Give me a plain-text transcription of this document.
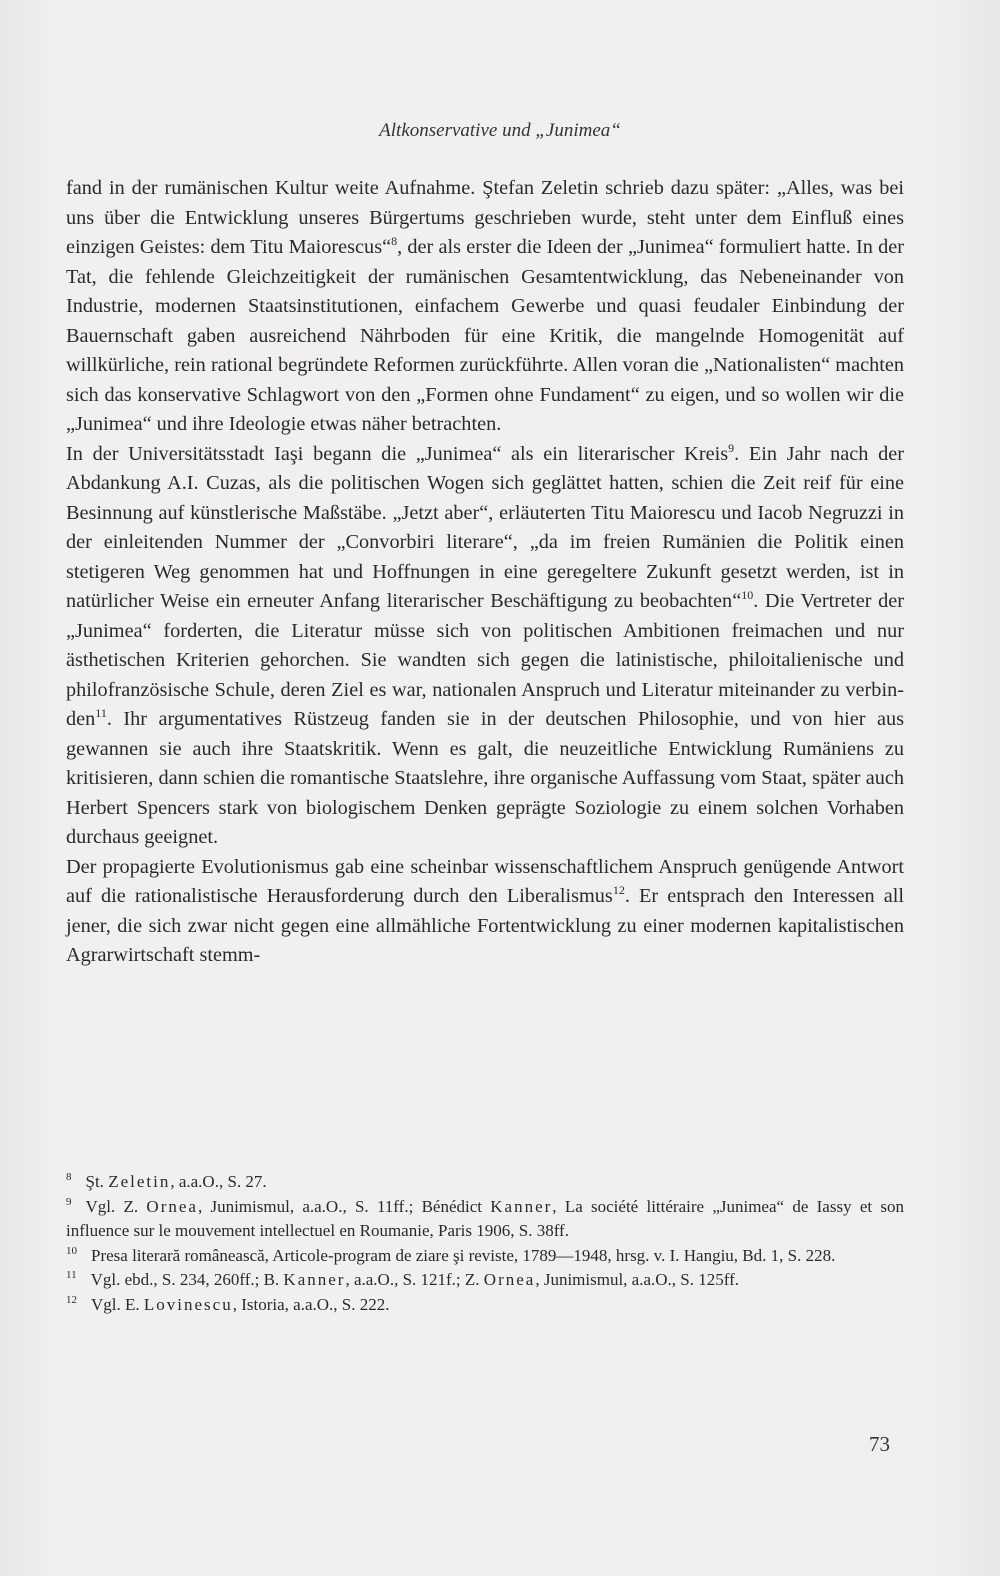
Altkonservative und „Junimea“

fand in der rumänischen Kultur weite Aufnahme. Ştefan Zeletin schrieb dazu später: „Alles, was bei uns über die Entwicklung unseres Bürgertums geschrieben wurde, steht unter dem Einfluß eines einzigen Geistes: dem Titu Maiorescus“$^8$, der als erster die Ideen der „Junimea“ formuliert hatte. In der Tat, die fehlende Gleichzeitigkeit der rumänischen Gesamtentwicklung, das Nebeneinander von Industrie, modernen Staatsinstitutionen, einfachem Gewerbe und quasi feudaler Einbindung der Bauernschaft gaben ausreichend Nährboden für eine Kritik, die mangelnde Homogenität auf willkürliche, rein rational begründete Reformen zurückführte. Allen voran die „Nationalisten“ machten sich das konservative Schlagwort von den „Formen ohne Fundament“ zu eigen, und so wollen wir die „Junimea“ und ihre Ideologie etwas näher betrachten.

In der Universitätsstadt Iaşi begann die „Junimea“ als ein literarischer Kreis$^9$. Ein Jahr nach der Abdankung A.I. Cuzas, als die politischen Wogen sich geglättet hatten, schien die Zeit reif für eine Besinnung auf künstlerische Maßstäbe. „Jetzt aber“, erläuterten Titu Maiorescu und Iacob Negruzzi in der einleitenden Nummer der „Convorbiri literare“, „da im freien Rumänien die Politik einen stetigeren Weg genommen hat und Hoffnungen in eine geregeltere Zukunft gesetzt werden, ist in natürlicher Weise ein erneuter Anfang literarischer Beschäftigung zu beobachten“$^{10}$. Die Vertreter der „Junimea“ forderten, die Literatur müsse sich von politischen Ambitionen freimachen und nur ästhetischen Kriterien gehorchen. Sie wandten sich gegen die latinistische, philoitalienische und philofranzösische Schule, deren Ziel es war, nationalen Anspruch und Literatur miteinander zu verbinden$^{11}$. Ihr argumentatives Rüstzeug fanden sie in der deutschen Philosophie, und von hier aus gewannen sie auch ihre Staatskritik. Wenn es galt, die neuzeitliche Entwicklung Rumäniens zu kritisieren, dann schien die romantische Staatslehre, ihre organische Auffassung vom Staat, später auch Herbert Spencers stark von biologischem Denken geprägte Soziologie zu einem solchen Vorhaben durchaus geeignet.

Der propagierte Evolutionismus gab eine scheinbar wissenschaftlichem Anspruch genügende Antwort auf die rationalistische Herausforderung durch den Liberalismus$^{12}$. Er entsprach den Interessen all jener, die sich zwar nicht gegen eine allmähliche Fortentwicklung zu einer modernen kapitalistischen Agrarwirtschaft stemm-

$^8$ Şt. Zeletin, a.a.O., S. 27.

$^9$ Vgl. Z. Ornea, Junimismul, a.a.O., S. 11ff.; Bénédict Kanner, La société littéraire „Junimea“ de Iassy et son influence sur le mouvement intellectuel en Roumanie, Paris 1906, S. 38ff.

$^{10}$ Presa literară românească, Articole-program de ziare şi reviste, 1789—1948, hrsg. v. I. Hangiu, Bd. 1, S. 228.

$^{11}$ Vgl. ebd., S. 234, 260ff.; B. Kanner, a.a.O., S. 121f.; Z. Ornea, Junimismul, a.a.O., S. 125ff.

$^{12}$ Vgl. E. Lovinescu, Istoria, a.a.O., S. 222.

73
